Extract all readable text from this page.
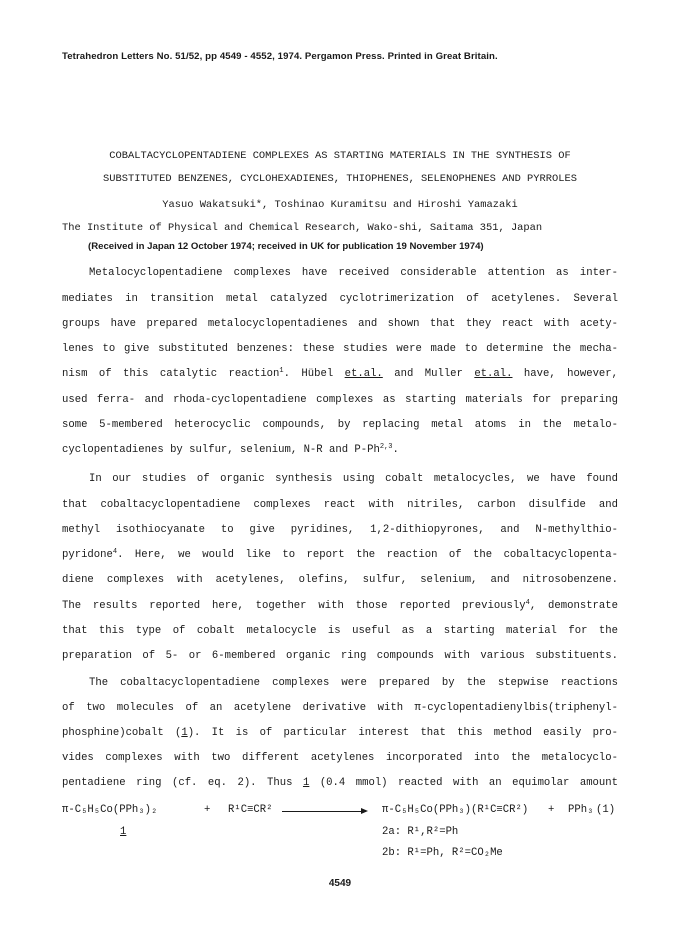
Tetrahedron Letters No. 51/52, pp 4549 - 4552, 1974. Pergamon Press. Printed in Great Britain.
COBALTACYCLOPENTADIENE COMPLEXES AS STARTING MATERIALS IN THE SYNTHESIS OF
SUBSTITUTED BENZENES, CYCLOHEXADIENES, THIOPHENES, SELENOPHENES AND PYRROLES
Yasuo Wakatsuki*, Toshinao Kuramitsu and Hiroshi Yamazaki
The Institute of Physical and Chemical Research, Wako-shi, Saitama 351, Japan
(Received in Japan 12 October 1974; received in UK for publication 19 November 1974)
Metalocyclopentadiene complexes have received considerable attention as inter-
mediates in transition metal catalyzed cyclotrimerization of acetylenes. Several
groups have prepared metalocyclopentadienes and shown that they react with acety-
lenes to give substituted benzenes: these studies were made to determine the mecha-
nism of this catalytic reaction$^1$. Hübel et.al. and Muller et.al. have, however,
used ferra- and rhoda-cyclopentadiene complexes as starting materials for preparing
some 5-membered heterocyclic compounds, by replacing metal atoms in the metalo-
cyclopentadienes by sulfur, selenium, N-R and P-Ph$^{2,3}$.
In our studies of organic synthesis using cobalt metalocycles, we have found
that cobaltacyclopentadiene complexes react with nitriles, carbon disulfide and
methyl isothiocyanate to give pyridines, 1,2-dithiopyrones, and N-methylthio-
pyridone$^4$. Here, we would like to report the reaction of the cobaltacyclopenta-
diene complexes with acetylenes, olefins, sulfur, selenium, and nitrosobenzene.
The results reported here, together with those reported previously$^4$, demonstrate
that this type of cobalt metalocycle is useful as a starting material for the
preparation of 5- or 6-membered organic ring compounds with various substituents.
The cobaltacyclopentadiene complexes were prepared by the stepwise reactions
of two molecules of an acetylene derivative with π-cyclopentadienylbis(triphenyl-
phosphine)cobalt (1). It is of particular interest that this method easily pro-
vides complexes with two different acetylenes incorporated into the metalocyclo-
pentadiene ring (cf. eq. 2). Thus 1 (0.4 mmol) reacted with an equimolar amount
π-C₅H₅Co(PPh₃)₂	+ R¹C≡CR²	π-C₅H₅Co(PPh₃)(R¹C≡CR²) + PPh₃ (1)
1	2a: R¹,R²=Ph
2b: R¹=Ph, R²=CO₂Me
4549
